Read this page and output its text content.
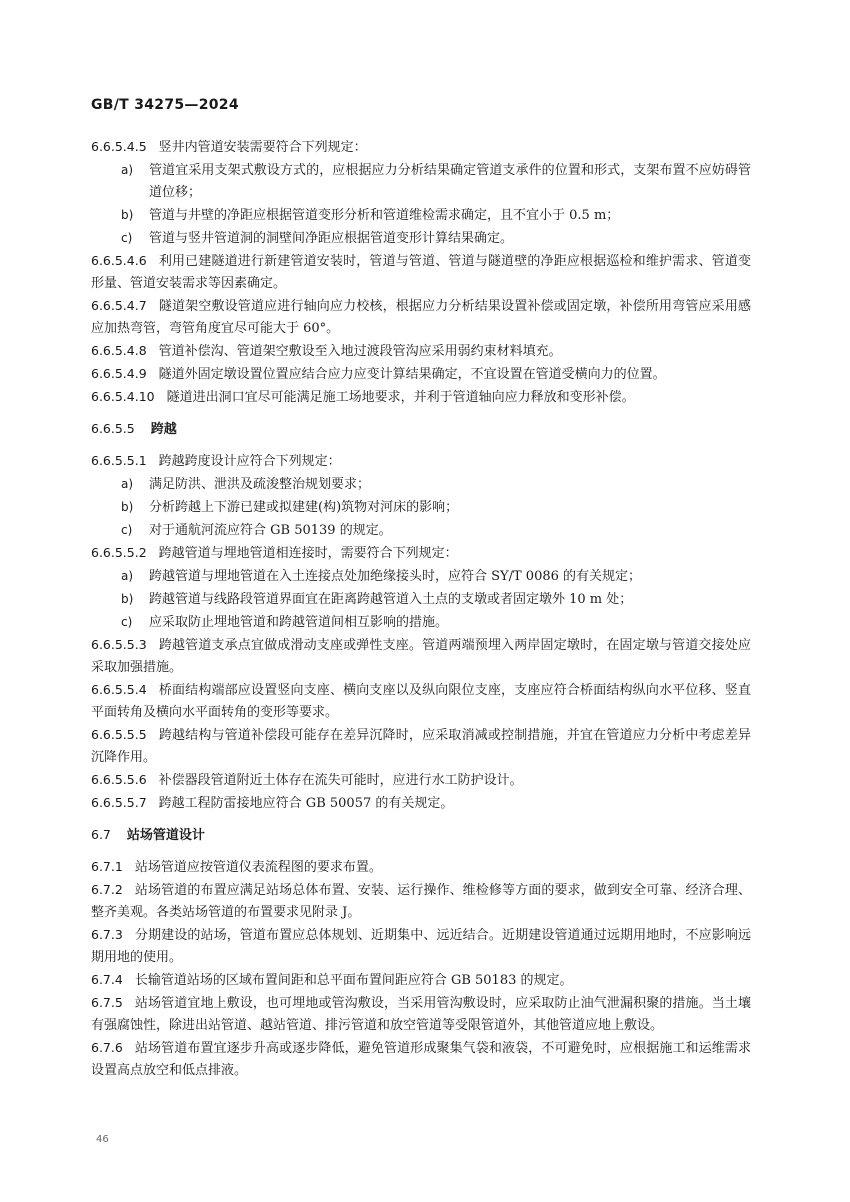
GB/T 34275—2024

6.6.5.4.5 竖井内管道安装需要符合下列规定：

a) 管道宜采用支架式敷设方式的，应根据应力分析结果确定管道支承件的位置和形式，支架布置不应妨碍管道位移；

b) 管道与井壁的净距应根据管道变形分析和管道维检需求确定，且不宜小于 0.5 m；

c) 管道与竖井管道洞的洞壁间净距应根据管道变形计算结果确定。

6.6.5.4.6 利用已建隧道进行新建管道安装时，管道与管道、管道与隧道壁的净距应根据巡检和维护需求、管道变形量、管道安装需求等因素确定。

6.6.5.4.7 隧道架空敷设管道应进行轴向应力校核，根据应力分析结果设置补偿或固定墩，补偿所用弯管应采用感应加热弯管，弯管角度宜尽可能大于 60°。

6.6.5.4.8 管道补偿沟、管道架空敷设至入地过渡段管沟应采用弱约束材料填充。

6.6.5.4.9 隧道外固定墩设置位置应结合应力应变计算结果确定，不宜设置在管道受横向力的位置。

6.6.5.4.10 隧道进出洞口宜尽可能满足施工场地要求，并利于管道轴向应力释放和变形补偿。

6.6.5.5 跨越

6.6.5.5.1 跨越跨度设计应符合下列规定：

a) 满足防洪、泄洪及疏浚整治规划要求；

b) 分析跨越上下游已建或拟建建(构)筑物对河床的影响；

c) 对于通航河流应符合 GB 50139 的规定。

6.6.5.5.2 跨越管道与埋地管道相连接时，需要符合下列规定：

a) 跨越管道与埋地管道在入土连接点处加绝缘接头时，应符合 SY/T 0086 的有关规定；

b) 跨越管道与线路段管道界面宜在距离跨越管道入土点的支墩或者固定墩外 10 m 处；

c) 应采取防止埋地管道和跨越管道间相互影响的措施。

6.6.5.5.3 跨越管道支承点宜做成滑动支座或弹性支座。管道两端预埋入两岸固定墩时，在固定墩与管道交接处应采取加强措施。

6.6.5.5.4 桥面结构端部应设置竖向支座、横向支座以及纵向限位支座，支座应符合桥面结构纵向水平位移、竖直平面转角及横向水平面转角的变形等要求。

6.6.5.5.5 跨越结构与管道补偿段可能存在差异沉降时，应采取消减或控制措施，并宜在管道应力分析中考虑差异沉降作用。

6.6.5.5.6 补偿器段管道附近土体存在流失可能时，应进行水工防护设计。

6.6.5.5.7 跨越工程防雷接地应符合 GB 50057 的有关规定。

6.7 站场管道设计

6.7.1 站场管道应按管道仪表流程图的要求布置。

6.7.2 站场管道的布置应满足站场总体布置、安装、运行操作、维检修等方面的要求，做到安全可靠、经济合理、整齐美观。各类站场管道的布置要求见附录 J。

6.7.3 分期建设的站场，管道布置应总体规划、近期集中、远近结合。近期建设管道通过远期用地时，不应影响远期用地的使用。

6.7.4 长输管道站场的区域布置间距和总平面布置间距应符合 GB 50183 的规定。

6.7.5 站场管道宜地上敷设，也可埋地或管沟敷设，当采用管沟敷设时，应采取防止油气泄漏积聚的措施。当土壤有强腐蚀性，除进出站管道、越站管道、排污管道和放空管道等受限管道外，其他管道应地上敷设。

6.7.6 站场管道布置宜逐步升高或逐步降低，避免管道形成聚集气袋和液袋，不可避免时，应根据施工和运维需求设置高点放空和低点排液。

46
